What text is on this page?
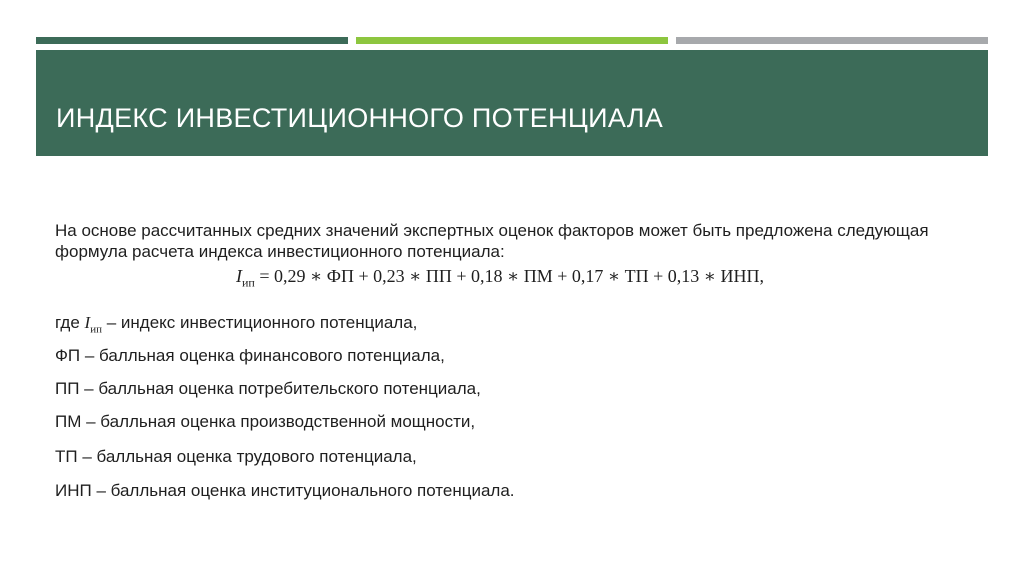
ИНДЕКС ИНВЕСТИЦИОННОГО ПОТЕНЦИАЛА

На основе рассчитанных средних значений экспертных оценок факторов может быть предложена следующая формула расчета индекса инвестиционного потенциала:

$I_{ип} = 0,29$ ∗ ФП + 0,23 ∗ ПП + 0,18 ∗ ПМ + 0,17 ∗ ТП + 0,13 ∗ ИНП,

где $I_{ип}$ – индекс инвестиционного потенциала,

ФП – балльная оценка финансового потенциала,

ПП – балльная оценка потребительского потенциала,

ПМ – балльная оценка производственной мощности,

ТП – балльная оценка трудового потенциала,

ИНП – балльная оценка институционального потенциала.
